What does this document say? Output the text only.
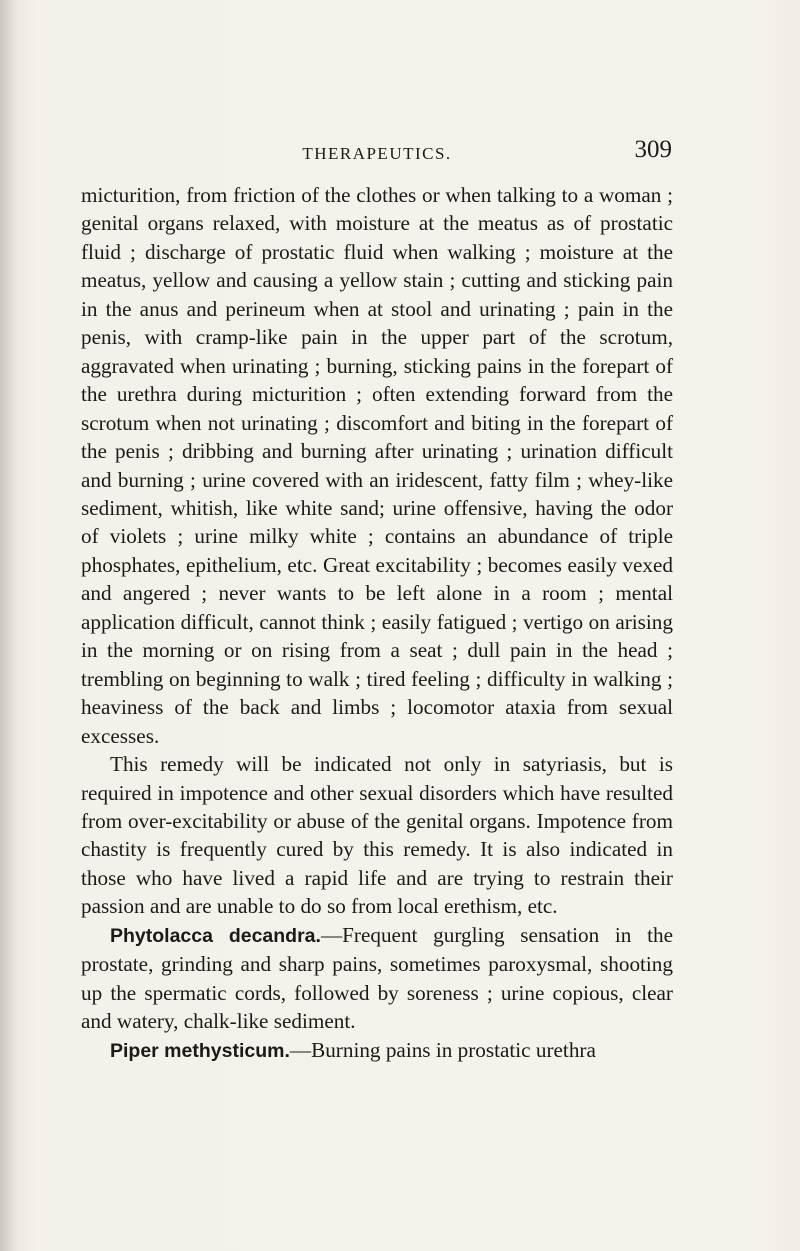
THERAPEUTICS.	309

micturition, from friction of the clothes or when talking to a woman ; genital organs relaxed, with moisture at the meatus as of prostatic fluid ; discharge of prostatic fluid when walking ; moisture at the meatus, yellow and causing a yellow stain ; cutting and sticking pain in the anus and perineum when at stool and urinating ; pain in the penis, with cramp-like pain in the upper part of the scrotum, aggravated when urinating ; burning, sticking pains in the forepart of the urethra during micturition ; often extending forward from the scrotum when not urinating ; discomfort and biting in the forepart of the penis ; dribbing and burning after urinating ; urination difficult and burning ; urine covered with an iridescent, fatty film ; whey-like sediment, whitish, like white sand; urine offensive, having the odor of violets ; urine milky white ; contains an abundance of triple phosphates, epithelium, etc. Great excitability ; becomes easily vexed and angered ; never wants to be left alone in a room ; mental application difficult, cannot think ; easily fatigued ; vertigo on arising in the morning or on rising from a seat ; dull pain in the head ; trembling on beginning to walk ; tired feeling ; difficulty in walking ; heaviness of the back and limbs ; locomotor ataxia from sexual excesses.

This remedy will be indicated not only in satyriasis, but is required in impotence and other sexual disorders which have resulted from over-excitability or abuse of the genital organs. Impotence from chastity is frequently cured by this remedy. It is also indicated in those who have lived a rapid life and are trying to restrain their passion and are unable to do so from local erethism, etc.

Phytolacca decandra.—Frequent gurgling sensation in the prostate, grinding and sharp pains, sometimes paroxysmal, shooting up the spermatic cords, followed by soreness ; urine copious, clear and watery, chalk-like sediment.

Piper methysticum.—Burning pains in prostatic urethra
